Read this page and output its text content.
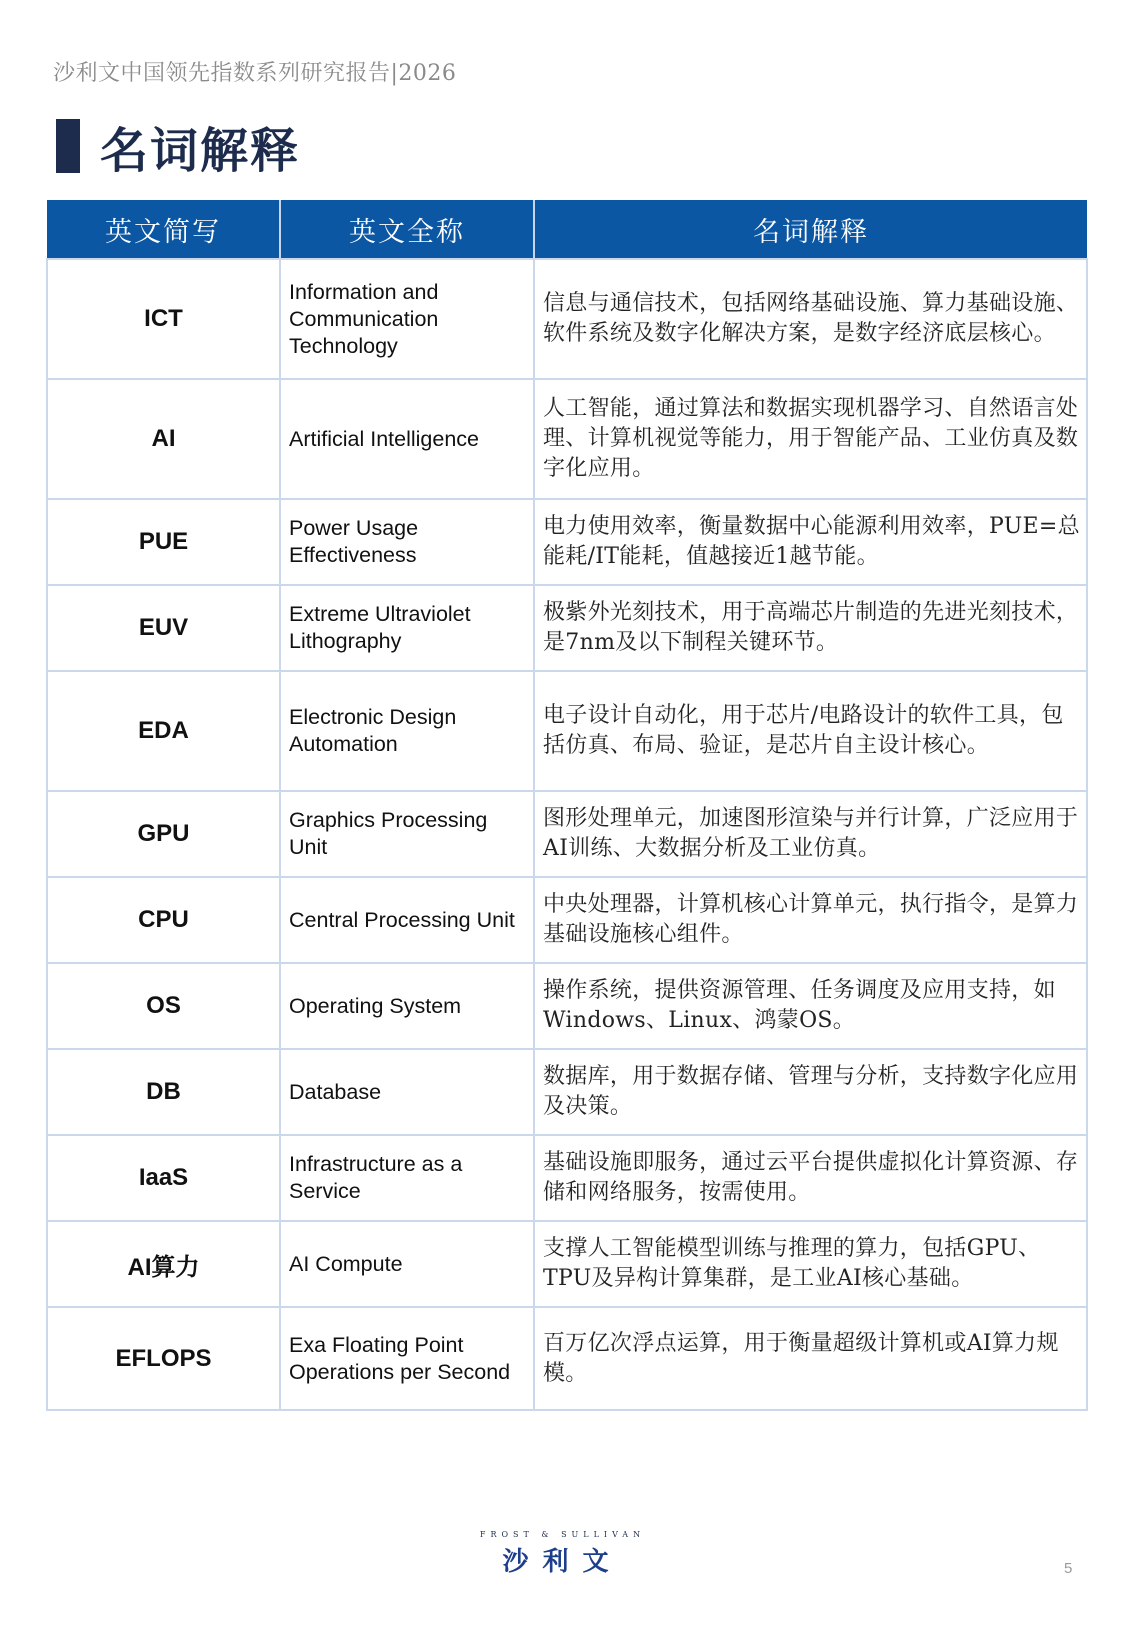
沙利文中国领先指数系列研究报告|2026
名词解释
英文简写	英文全称	名词解释
ICT	Information and Communication Technology	信息与通信技术，包括网络基础设施、算力基础设施、软件系统及数字化解决方案，是数字经济底层核心。
AI	Artificial Intelligence	人工智能，通过算法和数据实现机器学习、自然语言处理、计算机视觉等能力，用于智能产品、工业仿真及数字化应用。
PUE	Power Usage Effectiveness	电力使用效率，衡量数据中心能源利用效率，PUE=总能耗/IT能耗，值越接近1越节能。
EUV	Extreme Ultraviolet Lithography	极紫外光刻技术，用于高端芯片制造的先进光刻技术，是7nm及以下制程关键环节。
EDA	Electronic Design Automation	电子设计自动化，用于芯片/电路设计的软件工具，包括仿真、布局、验证，是芯片自主设计核心。
GPU	Graphics Processing Unit	图形处理单元，加速图形渲染与并行计算，广泛应用于AI训练、大数据分析及工业仿真。
CPU	Central Processing Unit	中央处理器，计算机核心计算单元，执行指令，是算力基础设施核心组件。
OS	Operating System	操作系统，提供资源管理、任务调度及应用支持，如Windows、Linux、鸿蒙OS。
DB	Database	数据库，用于数据存储、管理与分析，支持数字化应用及决策。
IaaS	Infrastructure as a Service	基础设施即服务，通过云平台提供虚拟化计算资源、存储和网络服务，按需使用。
AI算力	AI Compute	支撑人工智能模型训练与推理的算力，包括GPU、TPU及异构计算集群，是工业AI核心基础。
EFLOPS	Exa Floating Point Operations per Second	百万亿次浮点运算，用于衡量超级计算机或AI算力规模。
FROST & SULLIVAN
沙利文	5
